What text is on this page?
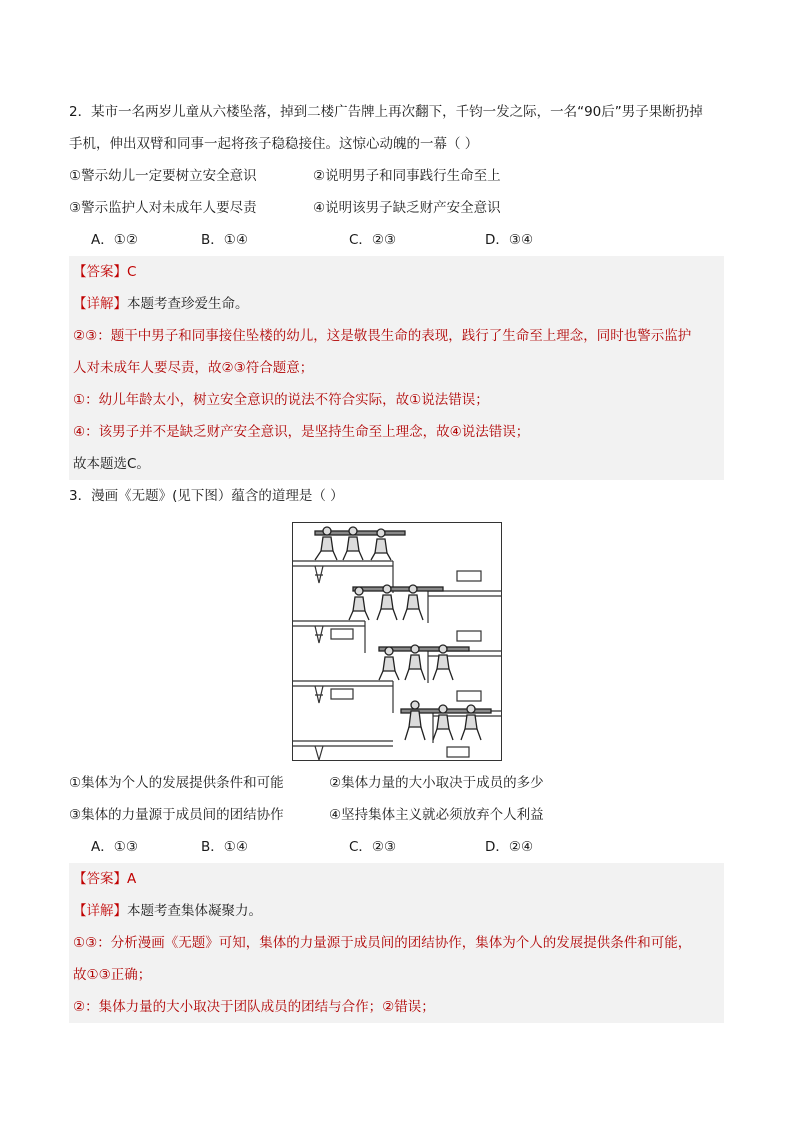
2．某市一名两岁儿童从六楼坠落，掉到二楼广告牌上再次翻下，千钧一发之际，一名“90后”男子果断扔掉
手机，伸出双臂和同事一起将孩子稳稳接住。这惊心动魄的一幕（ ）
①警示幼儿一定要树立安全意识	②说明男子和同事践行生命至上
③警示监护人对未成年人要尽责	④说明该男子缺乏财产安全意识
A．①②	B．①④	C．②③	D．③④
【答案】C
【详解】本题考查珍爱生命。
②③：题干中男子和同事接住坠楼的幼儿，这是敬畏生命的表现，践行了生命至上理念，同时也警示监护
人对未成年人要尽责，故②③符合题意；
①：幼儿年龄太小，树立安全意识的说法不符合实际，故①说法错误；
④：该男子并不是缺乏财产安全意识，是坚持生命至上理念，故④说法错误；
故本题选C。
3．漫画《无题》(见下图）蕴含的道理是（ ）
①集体为个人的发展提供条件和可能	②集体力量的大小取决于成员的多少
③集体的力量源于成员间的团结协作	④坚持集体主义就必须放弃个人利益
A．①③	B．①④	C．②③	D．②④
【答案】A
【详解】本题考查集体凝聚力。
①③：分析漫画《无题》可知，集体的力量源于成员间的团结协作，集体为个人的发展提供条件和可能，
故①③正确；
②：集体力量的大小取决于团队成员的团结与合作；②错误；
